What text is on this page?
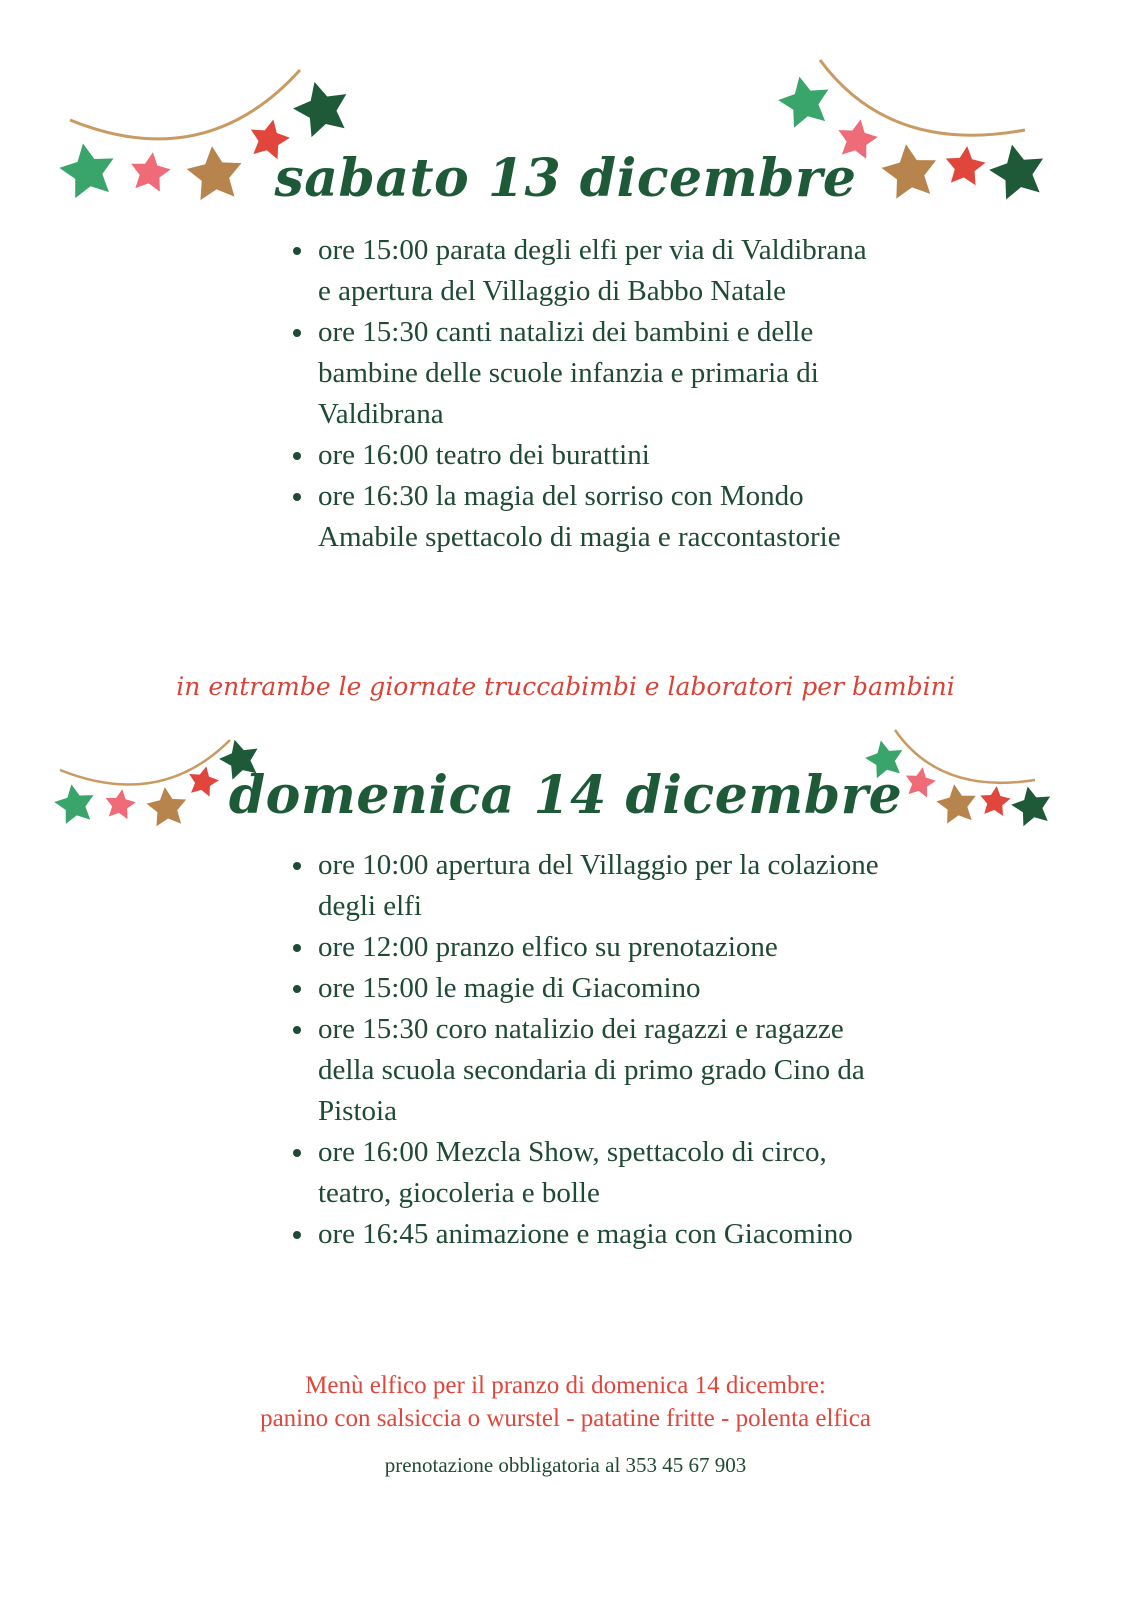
sabato 13 dicembre
• ore 15:00 parata degli elfi per via di Valdibrana e apertura del Villaggio di Babbo Natale
• ore 15:30 canti natalizi dei bambini e delle bambine delle scuole infanzia e primaria di Valdibrana
• ore 16:00 teatro dei burattini
• ore 16:30 la magia del sorriso con Mondo Amabile spettacolo di magia e raccontastorie

in entrambe le giornate truccabimbi e laboratori per bambini

domenica 14 dicembre
• ore 10:00 apertura del Villaggio per la colazione degli elfi
• ore 12:00 pranzo elfico su prenotazione
• ore 15:00 le magie di Giacomino
• ore 15:30 coro natalizio dei ragazzi e ragazze della scuola secondaria di primo grado Cino da Pistoia
• ore 16:00 Mezcla Show, spettacolo di circo, teatro, giocoleria e bolle
• ore 16:45 animazione e magia con Giacomino

Menù elfico per il pranzo di domenica 14 dicembre:

panino con salsiccia o wurstel - patatine fritte - polenta elfica

prenotazione obbligatoria al 353 45 67 903
